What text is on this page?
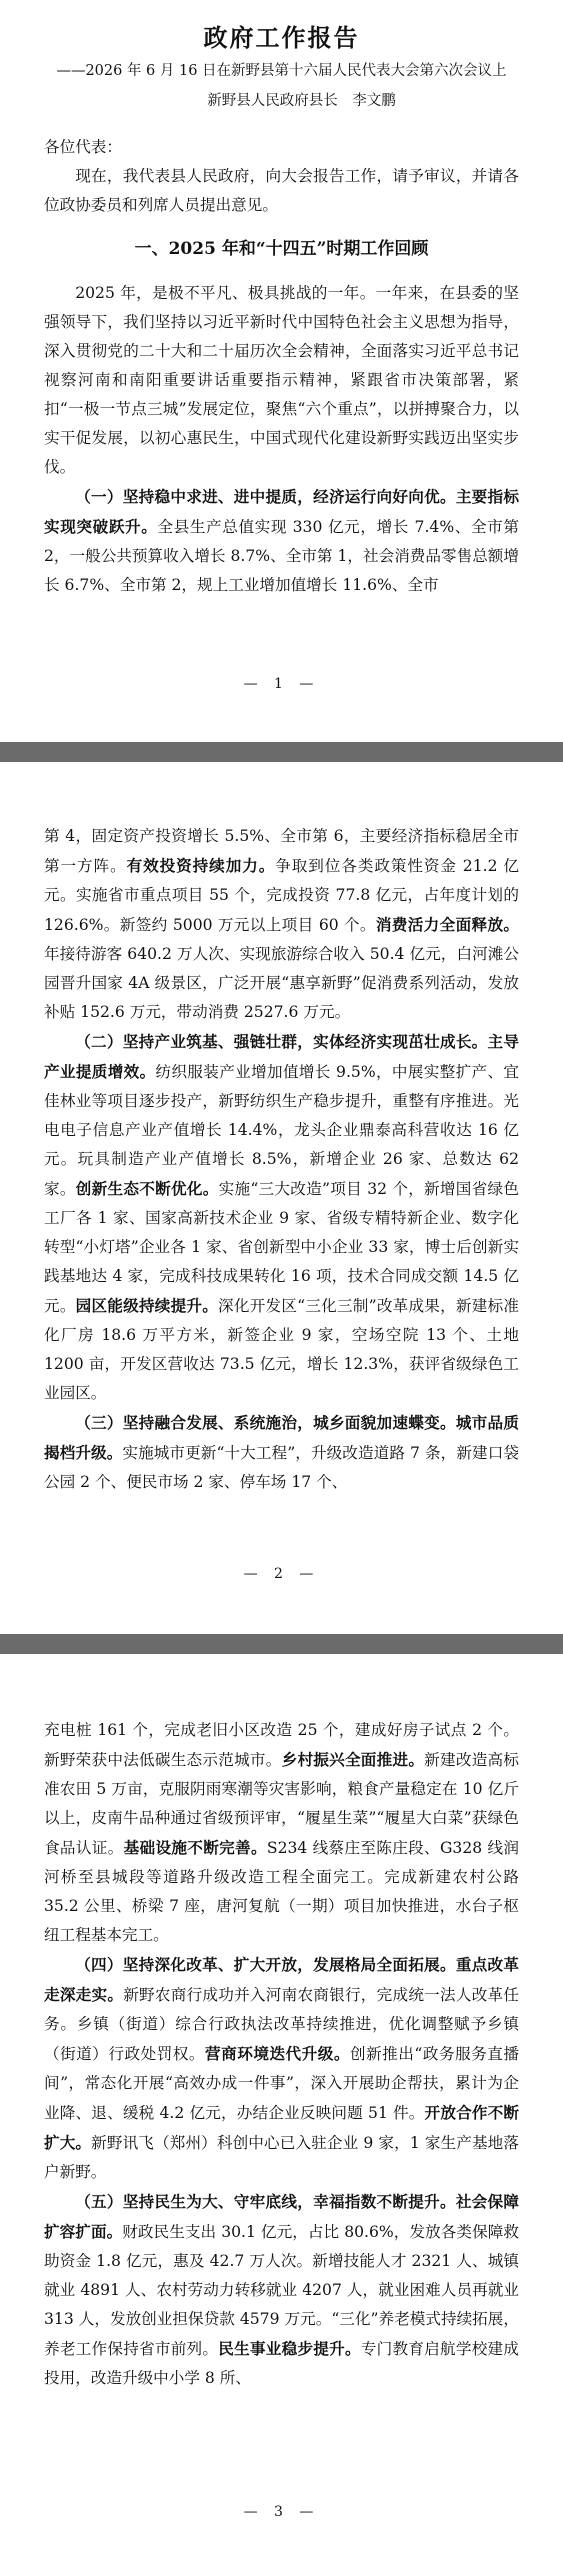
政府工作报告

——2026 年 6 月 16 日在新野县第十六届人民代表大会第六次会议上

新野县人民政府县长　李文鹏

各位代表：

现在，我代表县人民政府，向大会报告工作，请予审议，并请各位政协委员和列席人员提出意见。

一、2025 年和“十四五”时期工作回顾

2025 年，是极不平凡、极具挑战的一年。一年来，在县委的坚强领导下，我们坚持以习近平新时代中国特色社会主义思想为指导，深入贯彻党的二十大和二十届历次全会精神，全面落实习近平总书记视察河南和南阳重要讲话重要指示精神，紧跟省市决策部署，紧扣“一极一节点三城”发展定位，聚焦“六个重点”，以拼搏聚合力，以实干促发展，以初心惠民生，中国式现代化建设新野实践迈出坚实步伐。

（一）坚持稳中求进、进中提质，经济运行向好向优。主要指标实现突破跃升。全县生产总值实现 330 亿元，增长 7.4%、全市第 2，一般公共预算收入增长 8.7%、全市第 1，社会消费品零售总额增长 6.7%、全市第 2，规上工业增加值增长 11.6%、全市

— 1 —

第 4，固定资产投资增长 5.5%、全市第 6，主要经济指标稳居全市第一方阵。有效投资持续加力。争取到位各类政策性资金 21.2 亿元。实施省市重点项目 55 个，完成投资 77.8 亿元，占年度计划的 126.6%。新签约 5000 万元以上项目 60 个。消费活力全面释放。年接待游客 640.2 万人次、实现旅游综合收入 50.4 亿元，白河滩公园晋升国家 4A 级景区，广泛开展“惠享新野”促消费系列活动，发放补贴 152.6 万元，带动消费 2527.6 万元。

（二）坚持产业筑基、强链壮群，实体经济实现茁壮成长。主导产业提质增效。纺织服装产业增加值增长 9.5%，中展实整扩产、宜佳林业等项目逐步投产，新野纺织生产稳步提升，重整有序推进。光电电子信息产业产值增长 14.4%，龙头企业鼎泰高科营收达 16 亿元。玩具制造产业产值增长 8.5%，新增企业 26 家、总数达 62 家。创新生态不断优化。实施“三大改造”项目 32 个，新增国省绿色工厂各 1 家、国家高新技术企业 9 家、省级专精特新企业、数字化转型“小灯塔”企业各 1 家、省创新型中小企业 33 家，博士后创新实践基地达 4 家，完成科技成果转化 16 项，技术合同成交额 14.5 亿元。园区能级持续提升。深化开发区“三化三制”改革成果，新建标准化厂房 18.6 万平方米，新签企业 9 家，空场空院 13 个、土地 1200 亩，开发区营收达 73.5 亿元，增长 12.3%，获评省级绿色工业园区。

（三）坚持融合发展、系统施治，城乡面貌加速蝶变。城市品质揭档升级。实施城市更新“十大工程”，升级改造道路 7 条，新建口袋公园 2 个、便民市场 2 家、停车场 17 个、

— 2 —

充电桩 161 个，完成老旧小区改造 25 个，建成好房子试点 2 个。新野荣获中法低碳生态示范城市。乡村振兴全面推进。新建改造高标准农田 5 万亩，克服阴雨寒潮等灾害影响，粮食产量稳定在 10 亿斤以上，皮南牛品种通过省级预评审，“履星生菜”“履星大白菜”获绿色食品认证。基础设施不断完善。S234 线蔡庄至陈庄段、G328 线润河桥至县城段等道路升级改造工程全面完工。完成新建农村公路 35.2 公里、桥梁 7 座，唐河复航（一期）项目加快推进，水台子枢纽工程基本完工。

（四）坚持深化改革、扩大开放，发展格局全面拓展。重点改革走深走实。新野农商行成功并入河南农商银行，完成统一法人改革任务。乡镇（街道）综合行政执法改革持续推进，优化调整赋予乡镇（街道）行政处罚权。营商环境迭代升级。创新推出“政务服务直播间”，常态化开展“高效办成一件事”，深入开展助企帮扶，累计为企业降、退、缓税 4.2 亿元，办结企业反映问题 51 件。开放合作不断扩大。新野讯飞（郑州）科创中心已入驻企业 9 家，1 家生产基地落户新野。

（五）坚持民生为大、守牢底线，幸福指数不断提升。社会保障扩容扩面。财政民生支出 30.1 亿元，占比 80.6%，发放各类保障救助资金 1.8 亿元，惠及 42.7 万人次。新增技能人才 2321 人、城镇就业 4891 人、农村劳动力转移就业 4207 人，就业困难人员再就业 313 人，发放创业担保贷款 4579 万元。“三化”养老模式持续拓展，养老工作保持省市前列。民生事业稳步提升。专门教育启航学校建成投用，改造升级中小学 8 所、

— 3 —
